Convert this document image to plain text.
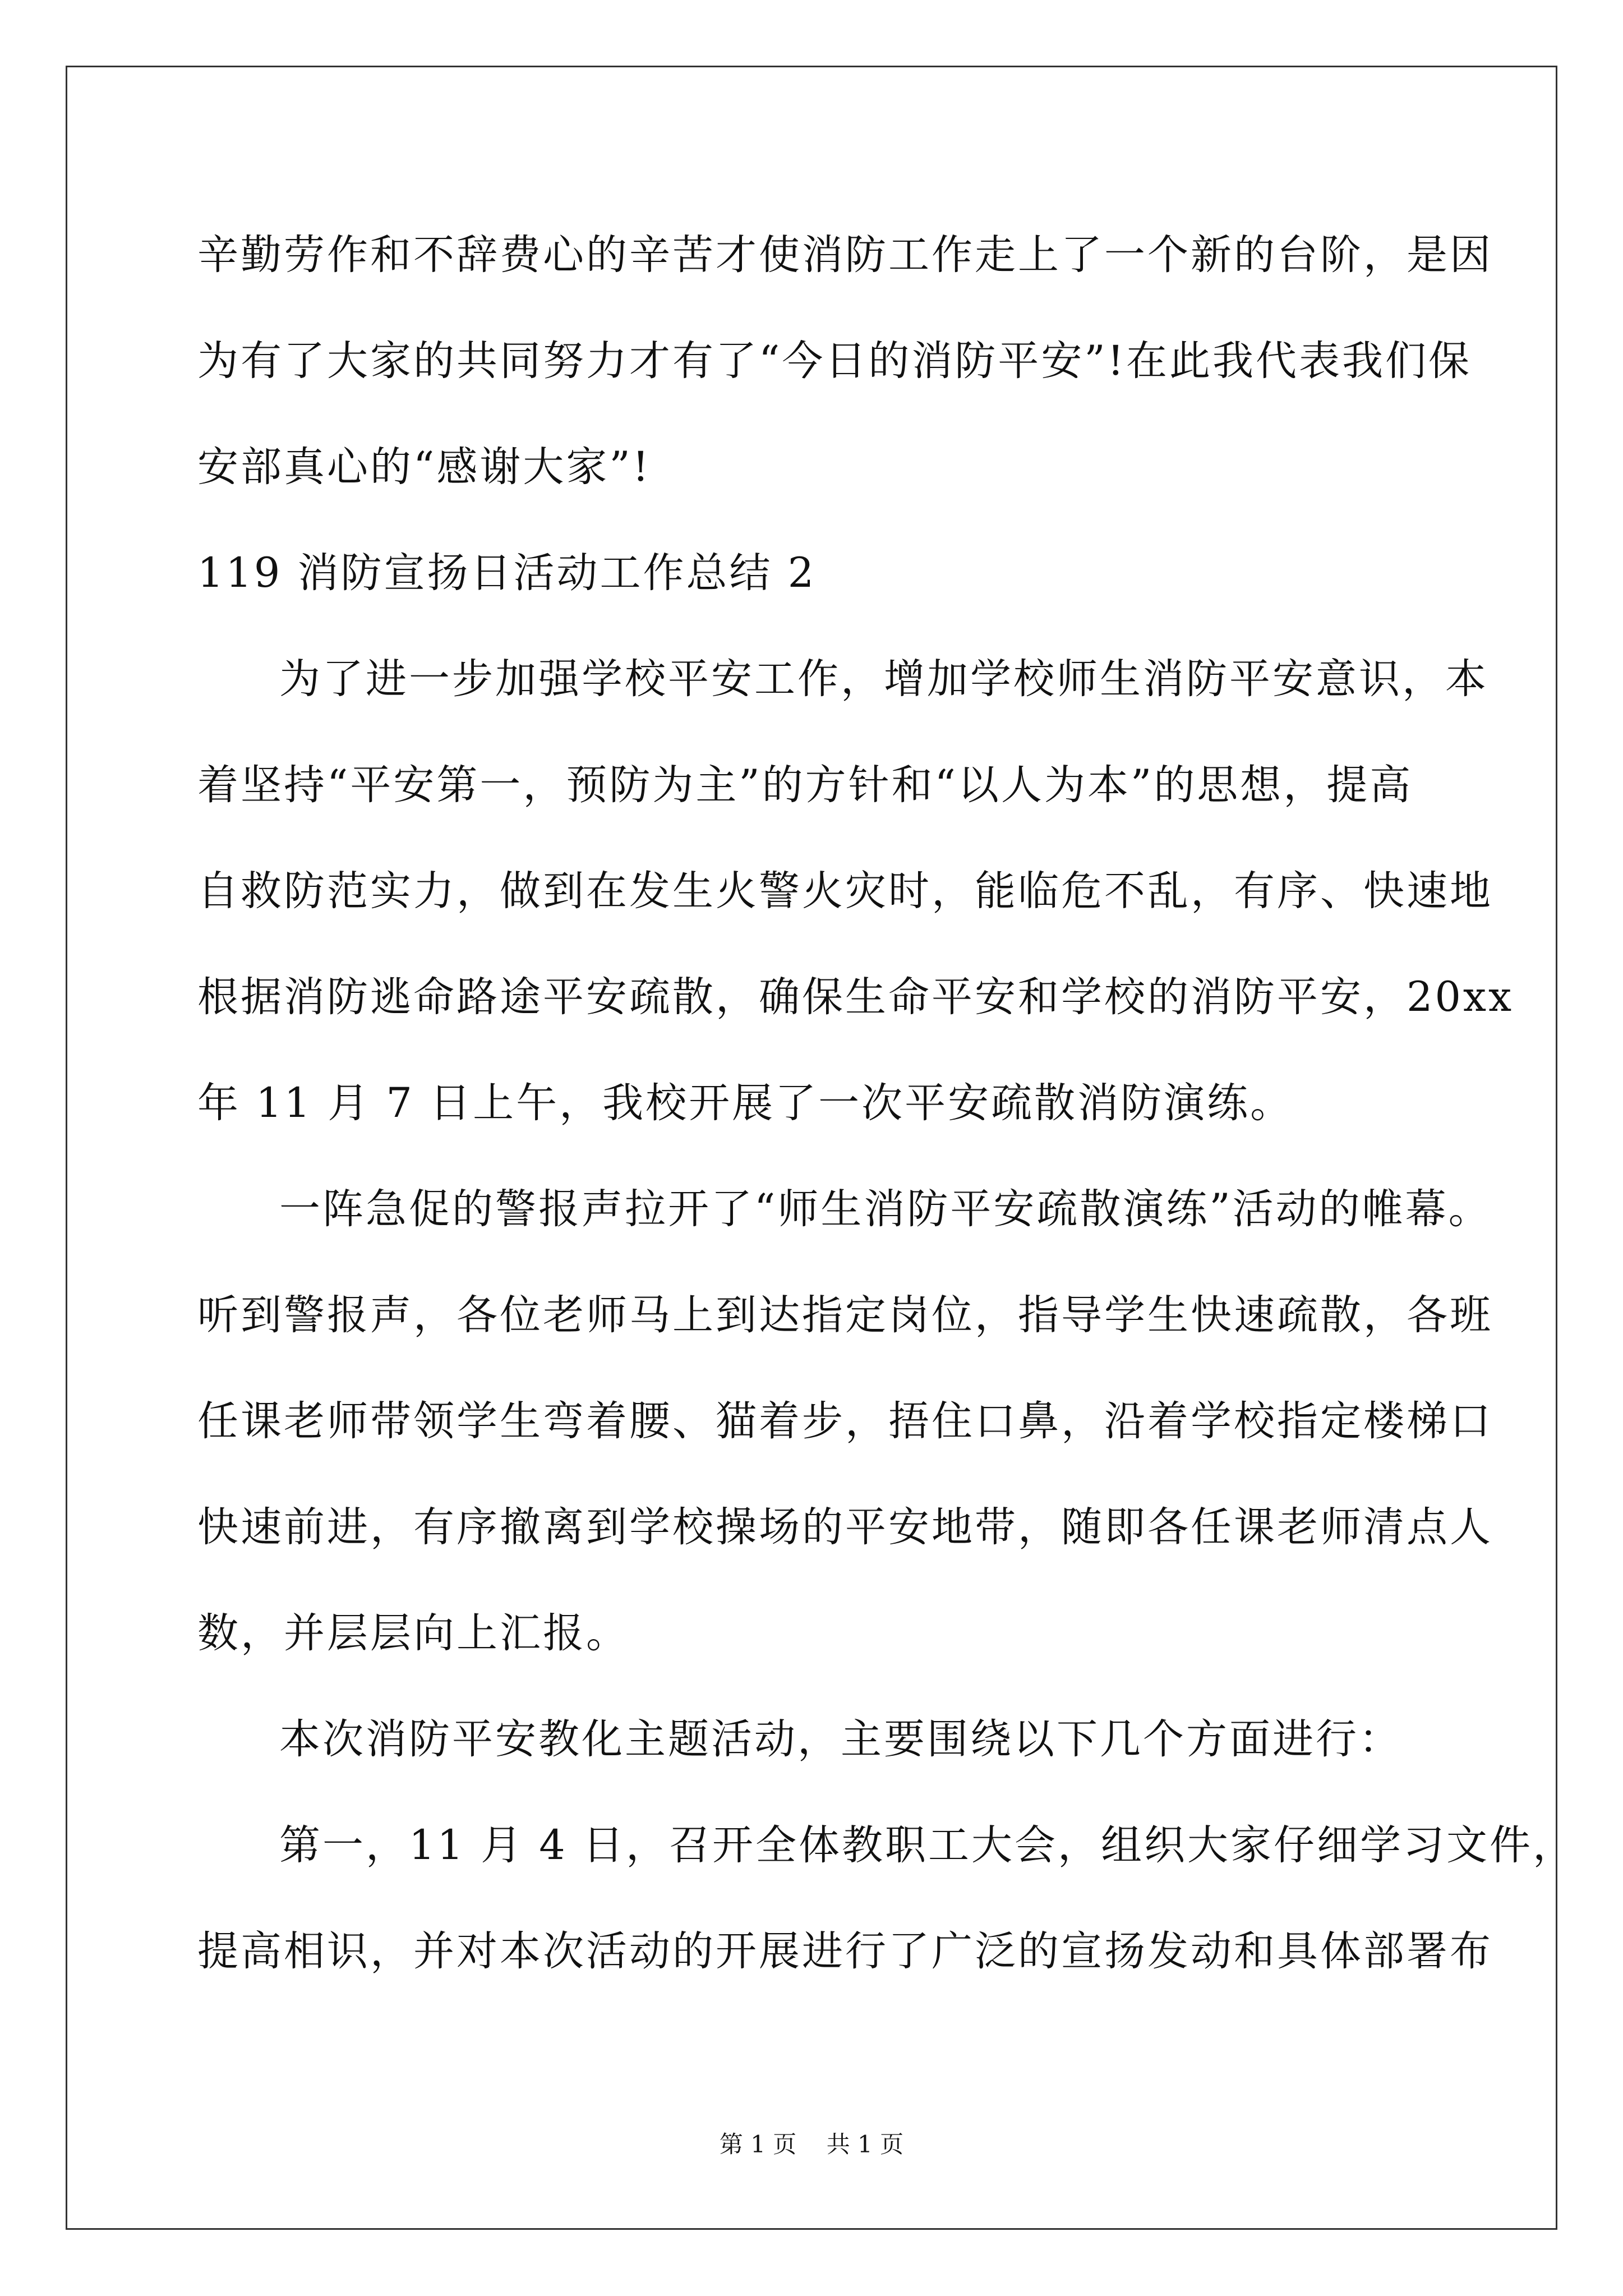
辛勤劳作和不辞费心的辛苦才使消防工作走上了一个新的台阶，是因
为有了大家的共同努力才有了“今日的消防平安”!在此我代表我们保
安部真心的“感谢大家”!
119 消防宣扬日活动工作总结 2
为了进一步加强学校平安工作，增加学校师生消防平安意识，本
着坚持“平安第一，预防为主”的方针和“以人为本”的思想，提高
自救防范实力，做到在发生火警火灾时，能临危不乱，有序、快速地
根据消防逃命路途平安疏散，确保生命平安和学校的消防平安，20xx
年 11 月 7 日上午，我校开展了一次平安疏散消防演练。
一阵急促的警报声拉开了“师生消防平安疏散演练”活动的帷幕。
听到警报声，各位老师马上到达指定岗位，指导学生快速疏散，各班
任课老师带领学生弯着腰、猫着步，捂住口鼻，沿着学校指定楼梯口
快速前进，有序撤离到学校操场的平安地带，随即各任课老师清点人
数，并层层向上汇报。
本次消防平安教化主题活动，主要围绕以下几个方面进行：
第一，11 月 4 日，召开全体教职工大会，组织大家仔细学习文件，
提高相识，并对本次活动的开展进行了广泛的宣扬发动和具体部署布
第 1 页 共 1 页
